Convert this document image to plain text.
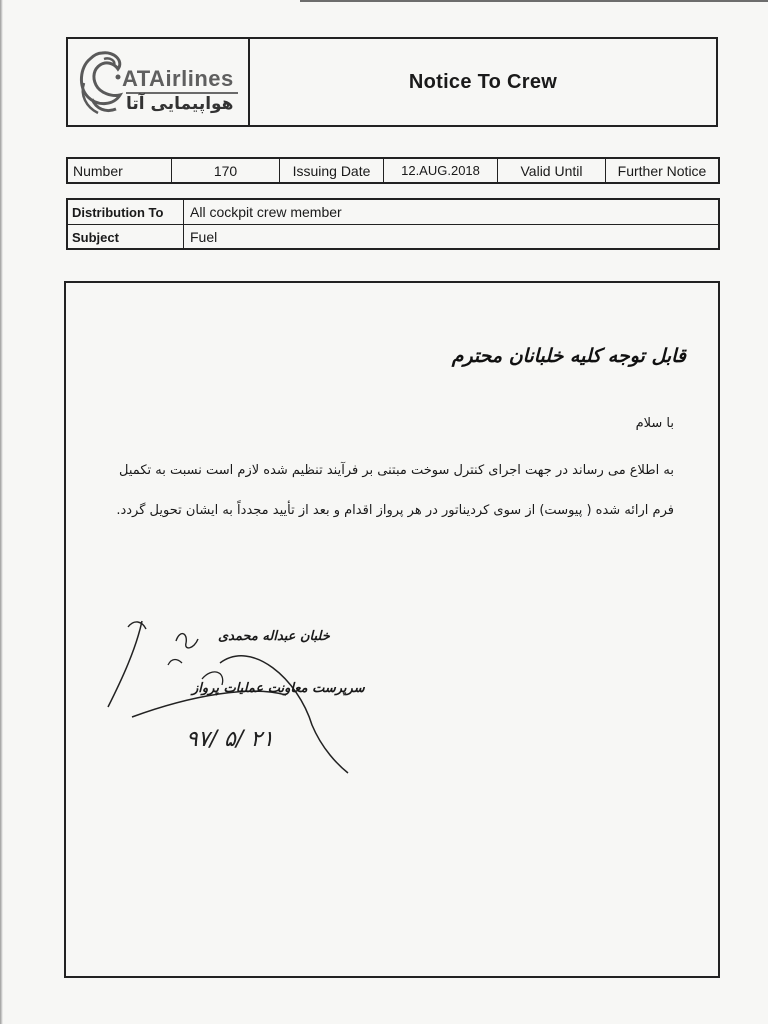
ATAirlines
هواپیمایی آتا
Notice To Crew
Number	170	Issuing Date	12.AUG.2018	Valid Until	Further Notice
Distribution To	All cockpit crew member
Subject	Fuel
قابل توجه کلیه خلبانان محترم
با سلام
به اطلاع می رساند در جهت اجرای کنترل سوخت مبتنی بر فرآیند تنظیم شده لازم است نسبت به تکمیل فرم ارائه شده ( پیوست) از سوی کردیناتور در هر پرواز اقدام و بعد از تأیید مجدداً به ایشان تحویل گردد.
خلبان عبداله محمدی
سرپرست معاونت عملیات پرواز
۹۷/ ۵/ ۲۱
